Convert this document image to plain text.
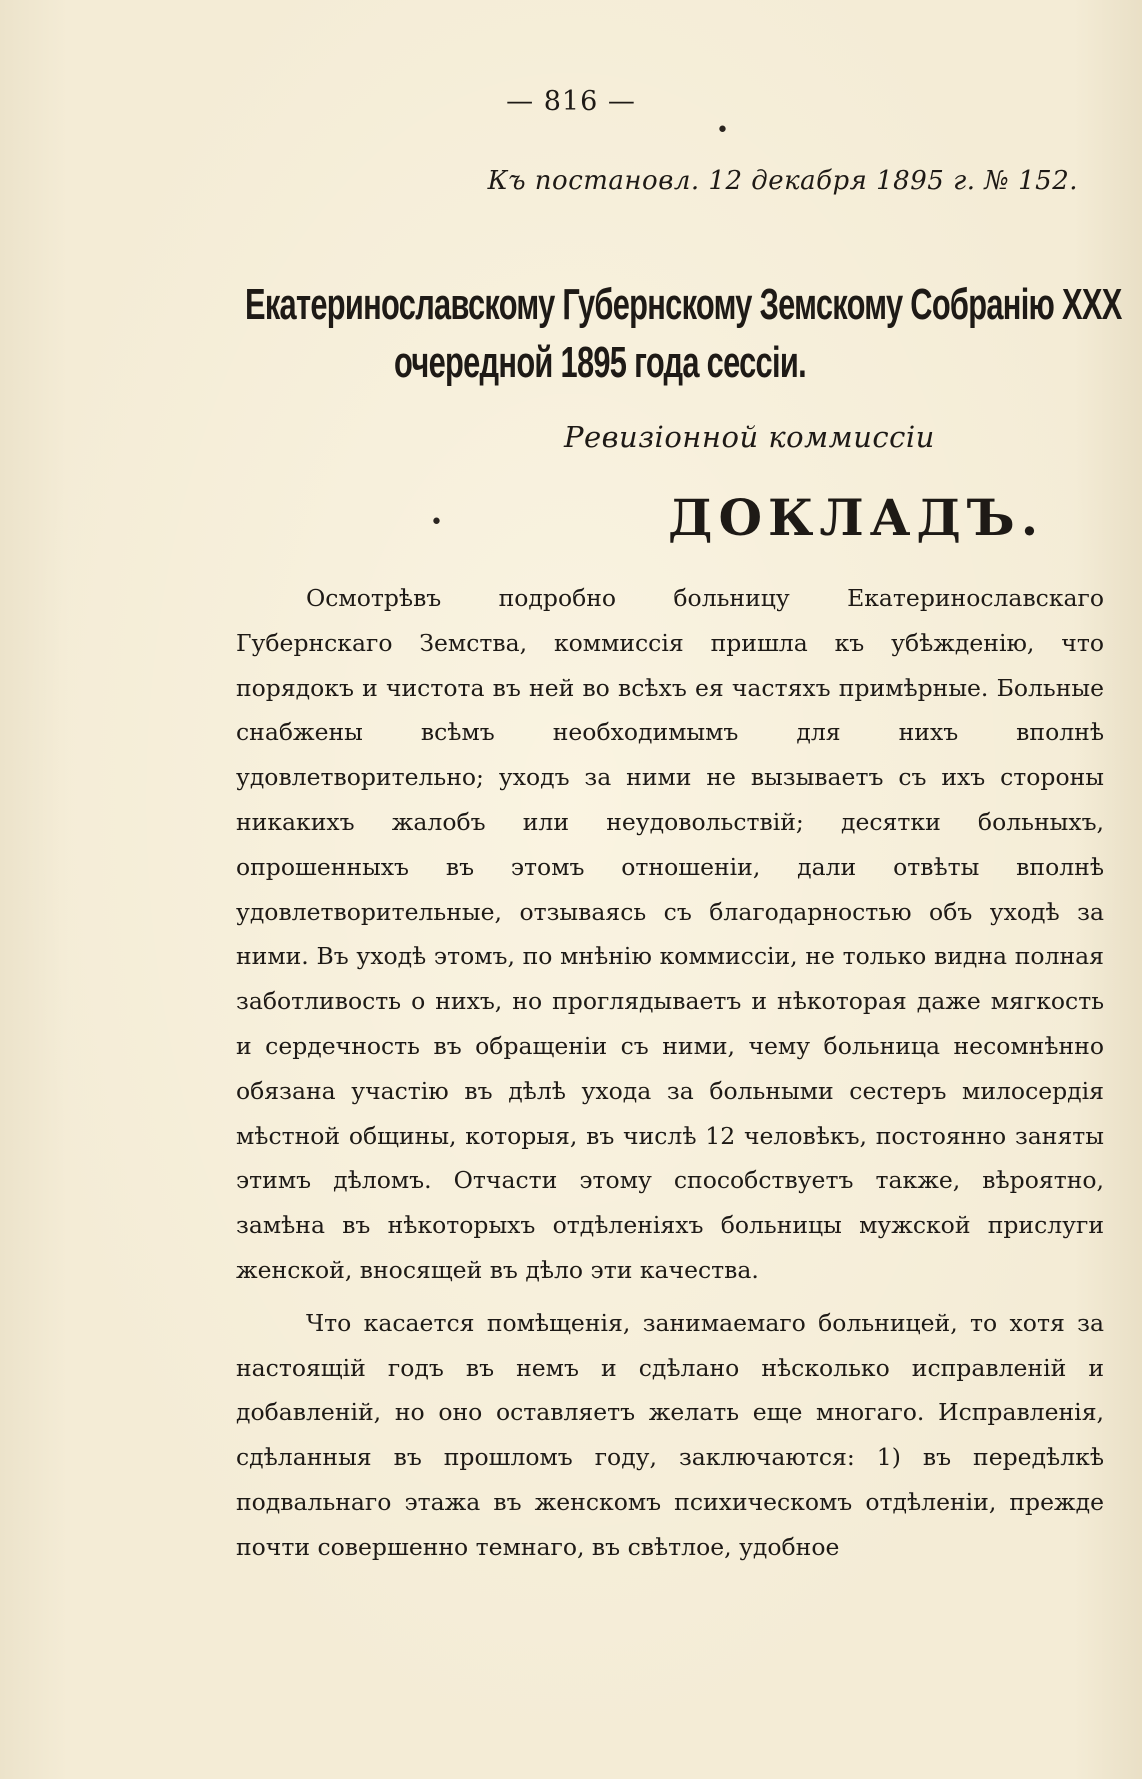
— 816 —
•
Къ постановл. 12 декабря 1895 г. № 152.
Екатеринославскому Губернскому Земскому Собранію XXX
очередной 1895 года сессіи.
Ревизіонной коммиссіи
•	ДОКЛАДЪ.

Осмотрѣвъ подробно больницу Екатеринославскаго Губернскаго Земства, коммиссія пришла къ убѣжденію, что порядокъ и чистота въ ней во всѣхъ ея частяхъ примѣрные. Больные снабжены всѣмъ необходимымъ для нихъ вполнѣ удовлетворительно; уходъ за ними не вызываетъ съ ихъ стороны никакихъ жалобъ или неудовольствій; десятки больныхъ, опрошенныхъ въ этомъ отношеніи, дали отвѣты вполнѣ удовлетворительные, отзываясь съ благодарностью объ уходѣ за ними. Въ уходѣ этомъ, по мнѣнію коммиссіи, не только видна полная заботливость о нихъ, но проглядываетъ и нѣкоторая даже мягкость и сердечность въ обращеніи съ ними, чему больница несомнѣнно обязана участію въ дѣлѣ ухода за больными сестеръ милосердія мѣстной общины, которыя, въ числѣ 12 человѣкъ, постоянно заняты этимъ дѣломъ. Отчасти этому способствуетъ также, вѣроятно, замѣна въ нѣкоторыхъ отдѣленіяхъ больницы мужской прислуги женской, вносящей въ дѣло эти качества.

Что касается помѣщенія, занимаемаго больницей, то хотя за настоящій годъ въ немъ и сдѣлано нѣсколько исправленій и добавленій, но оно оставляетъ желать еще многаго. Исправленія, сдѣланныя въ прошломъ году, заключаются: 1) въ передѣлкѣ подвальнаго этажа въ женскомъ психическомъ отдѣленіи, прежде почти совершенно темнаго, въ свѣтлое, удобное
